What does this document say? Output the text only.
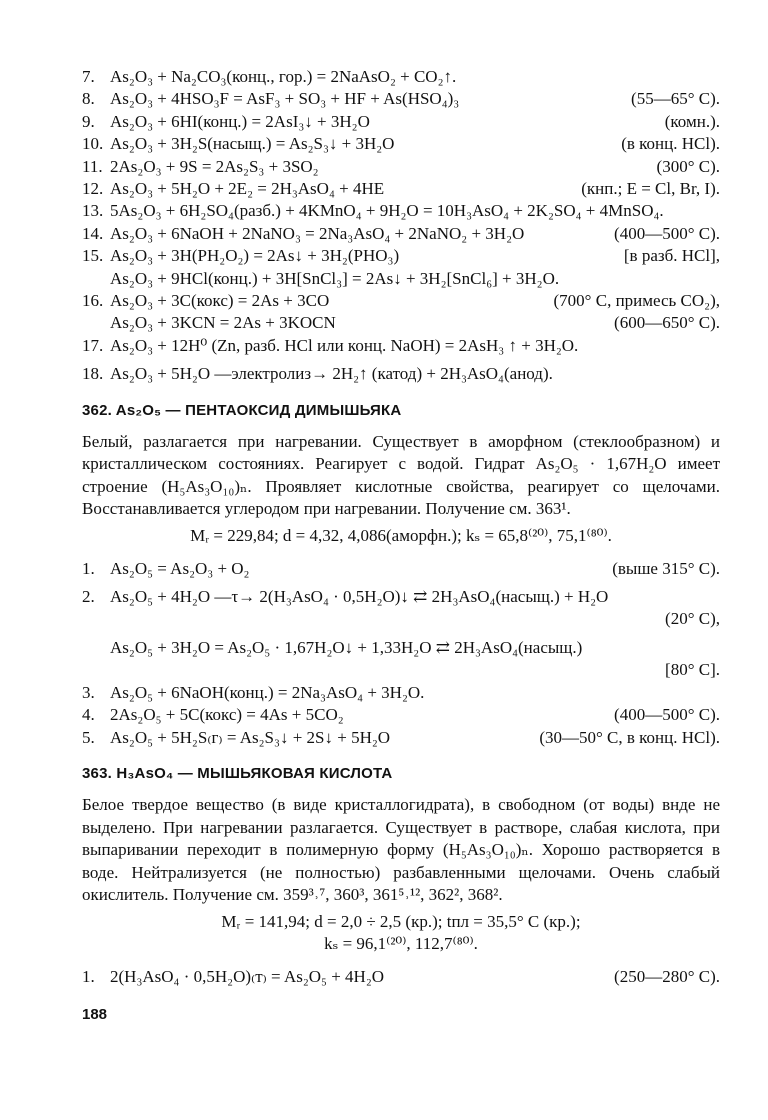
7. As₂O₃ + Na₂CO₃(конц., гор.) = 2NaAsO₂ + CO₂↑.
8. As₂O₃ + 4HSO₃F = AsF₃ + SO₃ + HF + As(HSO₄)₃	(55—65° С).
9. As₂O₃ + 6HI(конц.) = 2AsI₃↓ + 3H₂O	(комн.).
10. As₂O₃ + 3H₂S(насыщ.) = As₂S₃↓ + 3H₂O	(в конц. HCl).
11. 2As₂O₃ + 9S = 2As₂S₃ + 3SO₂	(300° С).
12. As₂O₃ + 5H₂O + 2E₂ = 2H₃AsO₄ + 4HE	(кнп.; E = Cl, Br, I).
13. 5As₂O₃ + 6H₂SO₄(разб.) + 4KMnO₄ + 9H₂O = 10H₃AsO₄ + 2K₂SO₄ + 4MnSO₄.
14. As₂O₃ + 6NaOH + 2NaNO₃ = 2Na₃AsO₄ + 2NaNO₂ + 3H₂O	(400—500° С).
15. As₂O₃ + 3H(PH₂O₂) = 2As↓ + 3H₂(PHO₃)	[в разб. HCl],
As₂O₃ + 9HCl(конц.) + 3H[SnCl₃] = 2As↓ + 3H₂[SnCl₆] + 3H₂O.
16. As₂O₃ + 3C(кокс) = 2As + 3CO	(700° С, примесь CO₂),
As₂O₃ + 3KCN = 2As + 3KOCN	(600—650° С).
17. As₂O₃ + 12H⁰ (Zn, разб. HCl или конц. NaOH) = 2AsH₃ ↑ + 3H₂O.
18. As₂O₃ + 5H₂O —электролиз→ 2H₂↑ (катод) + 2H₃AsO₄(анод).
362. As₂O₅ — ПЕНТАОКСИД ДИМЫШЬЯКА

Белый, разлагается при нагревании. Существует в аморфном (стеклообразном) и кристаллическом состояниях. Реагирует с водой. Гидрат As₂O₅ · 1,67H₂O имеет строение (H₅As₃O₁₀)ₙ. Проявляет кислотные свойства, реагирует со щелочами. Восстанавливается углеродом при нагревании. Получение см. 363¹.

Mᵣ = 229,84; d = 4,32, 4,086(аморфн.); kₛ = 65,8⁽²⁰⁾, 75,1⁽⁸⁰⁾.
1. As₂O₅ = As₂O₃ + O₂	(выше 315° С).
2. As₂O₅ + 4H₂O —τ→ 2(H₃AsO₄ · 0,5H₂O)↓ ⇄ 2H₃AsO₄(насыщ.) + H₂O
(20° С),
As₂O₅ + 3H₂O = As₂O₅ · 1,67H₂O↓ + 1,33H₂O ⇄ 2H₃AsO₄(насыщ.)
[80° С].
3. As₂O₅ + 6NaOH(конц.) = 2Na₃AsO₄ + 3H₂O.
4. 2As₂O₅ + 5C(кокс) = 4As + 5CO₂	(400—500° С).
5. As₂O₅ + 5H₂S₍г₎ = As₂S₃↓ + 2S↓ + 5H₂O	(30—50° С, в конц. HCl).
363. H₃AsO₄ — МЫШЬЯКОВАЯ КИСЛОТА

Белое твердое вещество (в виде кристаллогидрата), в свободном (от воды) внде не выделено. При нагревании разлагается. Существует в растворе, слабая кислота, при выпаривании переходит в полимерную форму (H₅As₃O₁₀)ₙ. Хорошо растворяется в воде. Нейтрализуется (не полностью) разбавленными щелочами. Очень слабый окислитель. Получение см. 359³˒⁷, 360³, 361⁵˒¹², 362², 368².

Mᵣ = 141,94; d = 2,0 ÷ 2,5 (кр.); tпл = 35,5° С (кр.);
kₛ = 96,1⁽²⁰⁾, 112,7⁽⁸⁰⁾.
1. 2(H₃AsO₄ · 0,5H₂O)₍т₎ = As₂O₅ + 4H₂O	(250—280° С).
188
